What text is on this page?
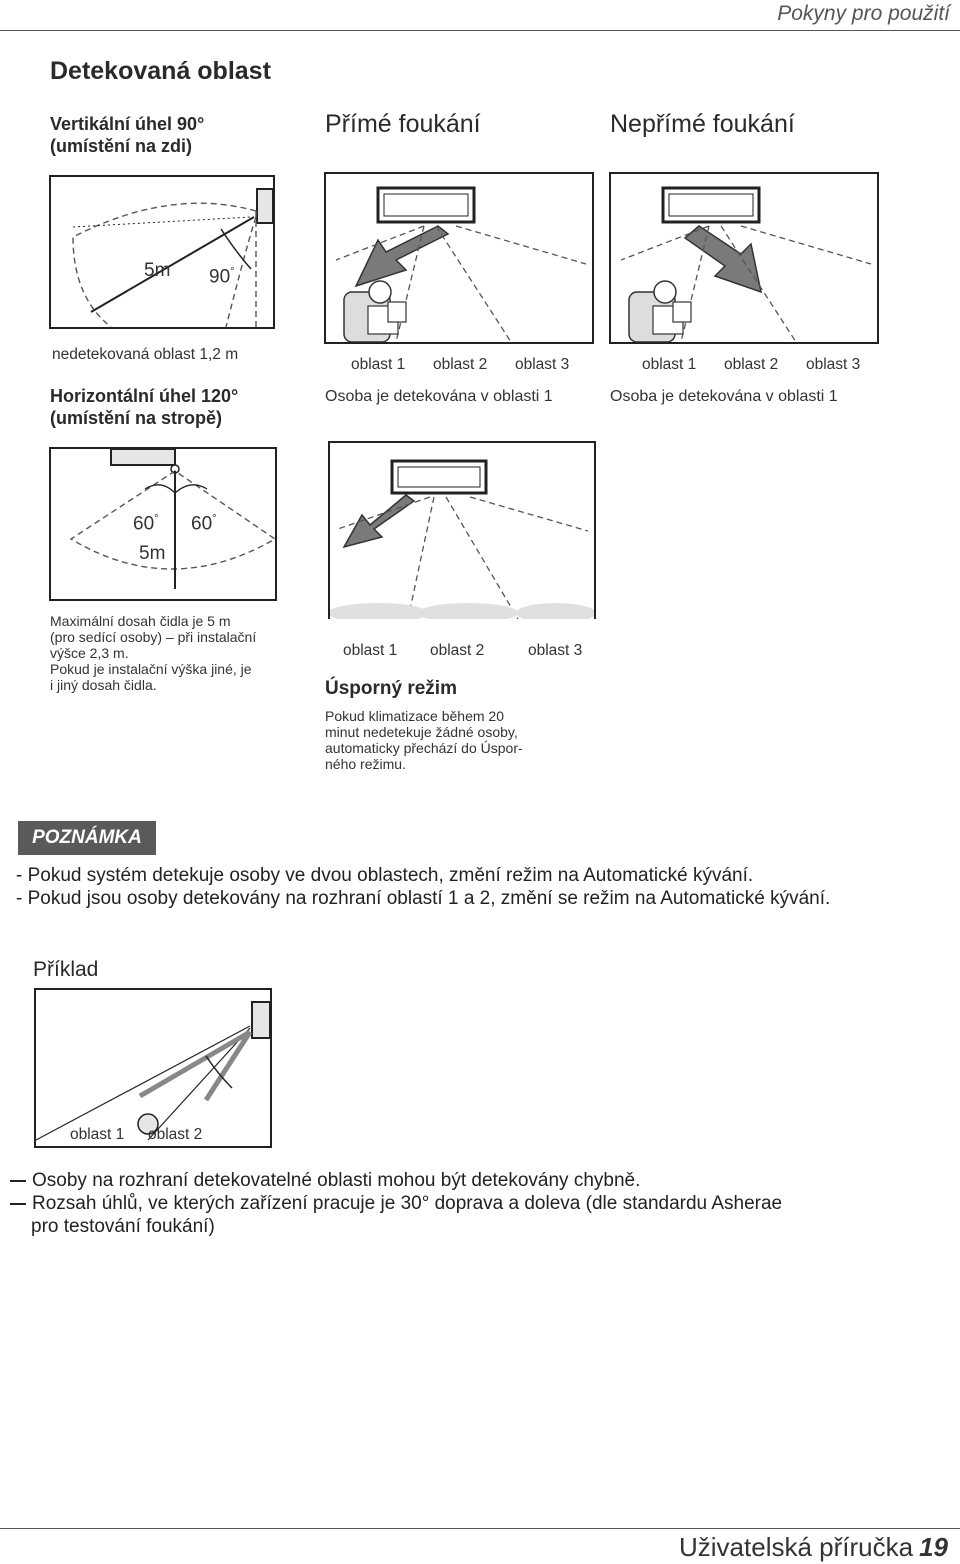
Pokyny pro použití
Detekovaná oblast
Vertikální úhel 90°
(umístění na zdi)
Přímé foukání	Nepřímé foukání
5m 90°
nedetekovaná oblast 1,2 m
oblast 1 oblast 2 oblast 3
Osoba je detekována v oblasti 1
oblast 1 oblast 2 oblast 3
Osoba je detekována v oblasti 1
Horizontální úhel 120°
(umístění na stropě)
60° 60°
5m
Maximální dosah čidla je 5 m
(pro sedící osoby) – při instalační
výšce 2,3 m.
Pokud je instalační výška jiné, je
i jiný dosah čidla.
oblast 1 oblast 2	oblast 3
Úsporný režim
Pokud klimatizace během 20
minut nedetekuje žádné osoby,
automaticky přechází do Úspor-
ného režimu.
POZNÁMKA
- Pokud systém detekuje osoby ve dvou oblastech, změní režim na Automatické kývání.
- Pokud jsou osoby detekovány na rozhraní oblastí 1 a 2, změní se režim na Automatické kývání.
Příklad
oblast 1 oblast 2
Osoby na rozhraní detekovatelné oblasti mohou být detekovány chybně.
Rozsah úhlů, ve kterých zařízení pracuje je 30° doprava a doleva (dle standardu Asherae
pro testování foukání)
Uživatelská příručka 19
